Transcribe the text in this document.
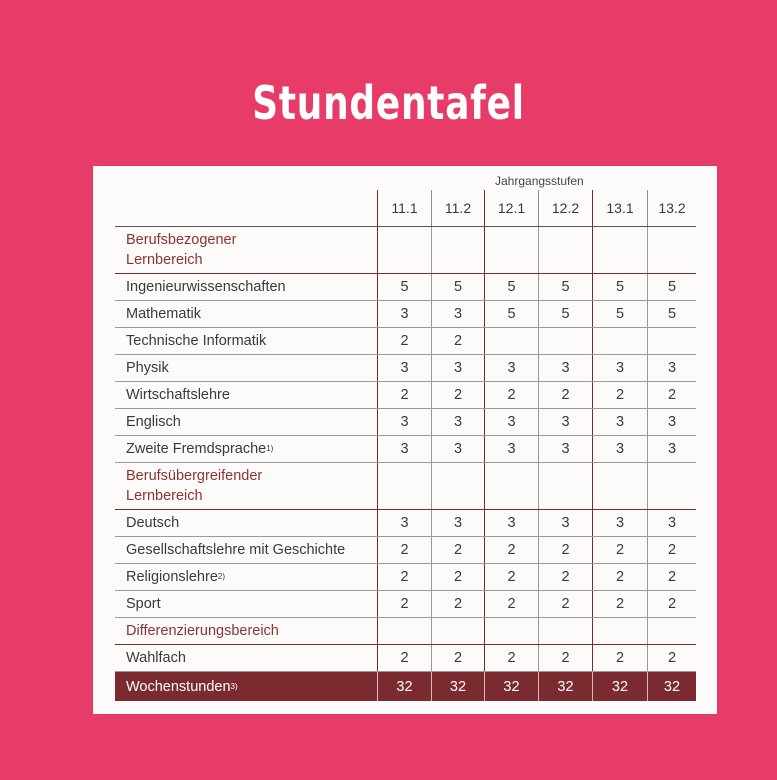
Stundentafel
Jahrgangsstufen
11.1	11.2	12.1	12.2	13.1	13.2
Berufsbezogener
Lernbereich
Ingenieurwissenschaften	5	5	5	5	5	5
Mathematik	3	3	5	5	5	5
Technische Informatik	2	2
Physik	3	3	3	3	3	3
Wirtschaftslehre	2	2	2	2	2	2
Englisch	3	3	3	3	3	3
Zweite Fremdsprache 1)	3	3	3	3	3	3
Berufsübergreifender
Lernbereich
Deutsch	3	3	3	3	3	3
Gesellschaftslehre mit Geschichte	2	2	2	2	2	2
Religionslehre 2)	2	2	2	2	2	2
Sport	2	2	2	2	2	2
Differenzierungsbereich
Wahlfach	2	2	2	2	2	2
Wochenstunden 3)	32	32	32	32	32	32
